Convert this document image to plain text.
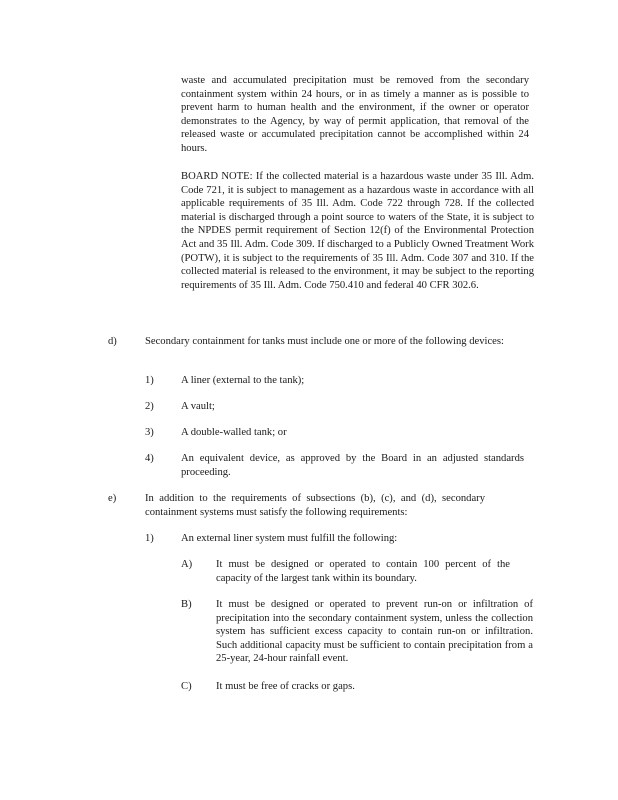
waste and accumulated precipitation must be removed from the secondary containment system within 24 hours, or in as timely a manner as is possible to prevent harm to human health and the environment, if the owner or operator demonstrates to the Agency, by way of permit application, that removal of the released waste or accumulated precipitation cannot be accomplished within 24 hours.

BOARD NOTE: If the collected material is a hazardous waste under 35 Ill. Adm. Code 721, it is subject to management as a hazardous waste in accordance with all applicable requirements of 35 Ill. Adm. Code 722 through 728. If the collected material is discharged through a point source to waters of the State, it is subject to the NPDES permit requirement of Section 12(f) of the Environmental Protection Act and 35 Ill. Adm. Code 309. If discharged to a Publicly Owned Treatment Work (POTW), it is subject to the requirements of 35 Ill. Adm. Code 307 and 310. If the collected material is released to the environment, it may be subject to the reporting requirements of 35 Ill. Adm. Code 750.410 and federal 40 CFR 302.6.

d)	Secondary containment for tanks must include one or more of the following devices:

1)	A liner (external to the tank);

2)	A vault;

3)	A double-walled tank; or

4)	An equivalent device, as approved by the Board in an adjusted standards proceeding.

e)	In addition to the requirements of subsections (b), (c), and (d), secondary containment systems must satisfy the following requirements:

1)	An external liner system must fulfill the following:

A) It must be designed or operated to contain 100 percent of the capacity of the largest tank within its boundary.

B) It must be designed or operated to prevent run-on or infiltration of precipitation into the secondary containment system, unless the collection system has sufficient excess capacity to contain run-on or infiltration. Such additional capacity must be sufficient to contain precipitation from a 25-year, 24-hour rainfall event.

C) It must be free of cracks or gaps.
